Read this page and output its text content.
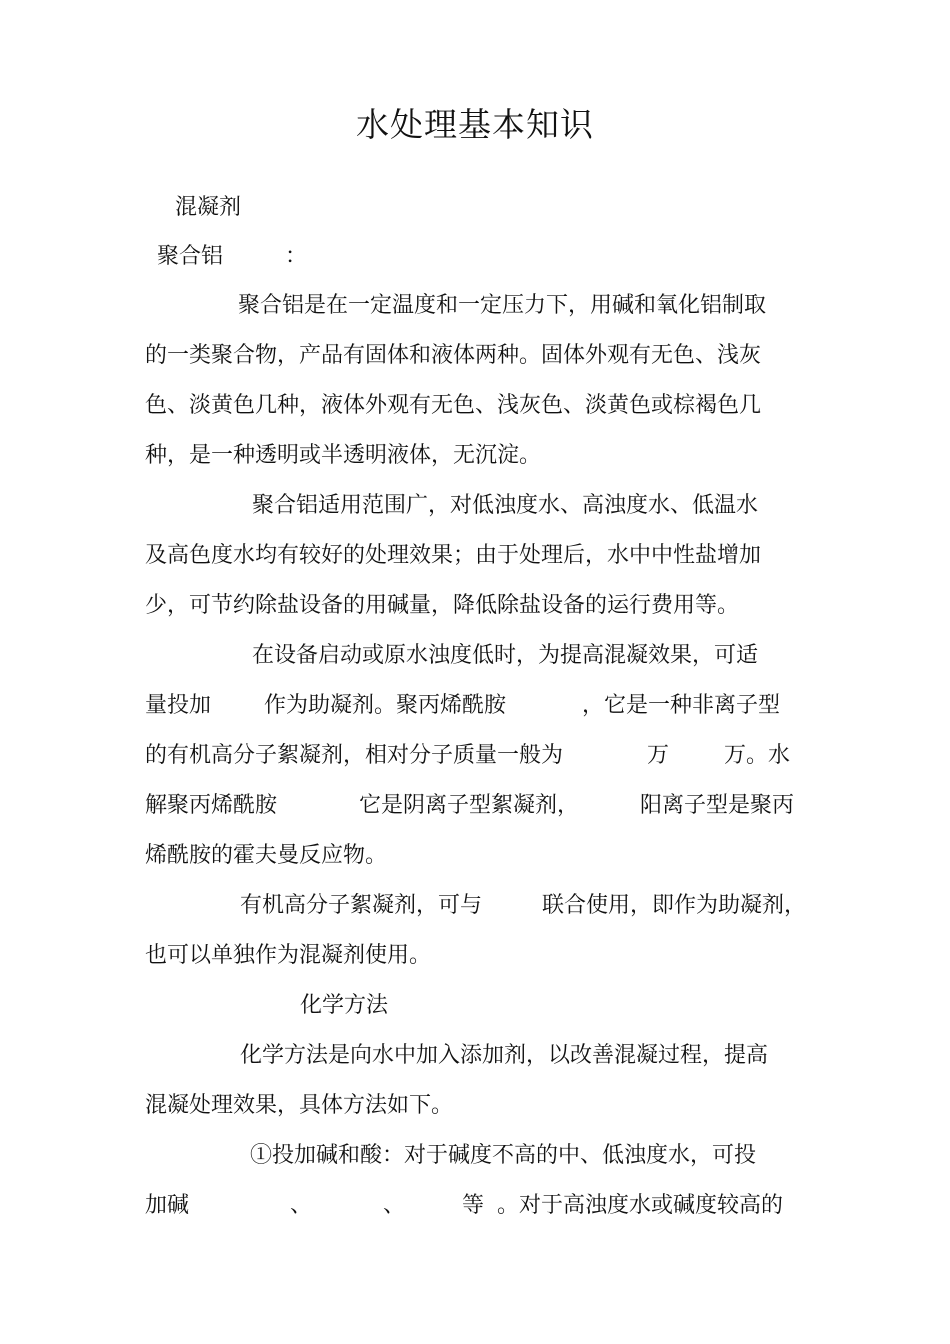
水处理基本知识
混凝剂
聚合铝	：
聚合铝是在一定温度和一定压力下，用碱和氧化铝制取
的一类聚合物，产品有固体和液体两种。固体外观有无色、浅灰
色、淡黄色几种，液体外观有无色、浅灰色、淡黄色或棕褐色几
种，是一种透明或半透明液体，无沉淀。
聚合铝适用范围广，对低浊度水、高浊度水、低温水
及高色度水均有较好的处理效果；由于处理后，水中中性盐增加
少，可节约除盐设备的用碱量，降低除盐设备的运行费用等。
在设备启动或原水浊度低时，为提高混凝效果，可适
量投加 作为助凝剂。聚丙烯酰胺	，它是一种非离子型
的有机高分子絮凝剂，相对分子质量一般为	万 万。水
解聚丙烯酰胺	它是阴离子型絮凝剂，	阳离子型是聚丙
烯酰胺的霍夫曼反应物。
有机高分子絮凝剂，可与	联合使用，即作为助凝剂，
也可以单独作为混凝剂使用。
化学方法
化学方法是向水中加入添加剂，以改善混凝过程，提高
混凝处理效果，具体方法如下。
①投加碱和酸：对于碱度不高的中、低浊度水，可投
加碱	、	、	等 。对于高浊度水或碱度较高的
